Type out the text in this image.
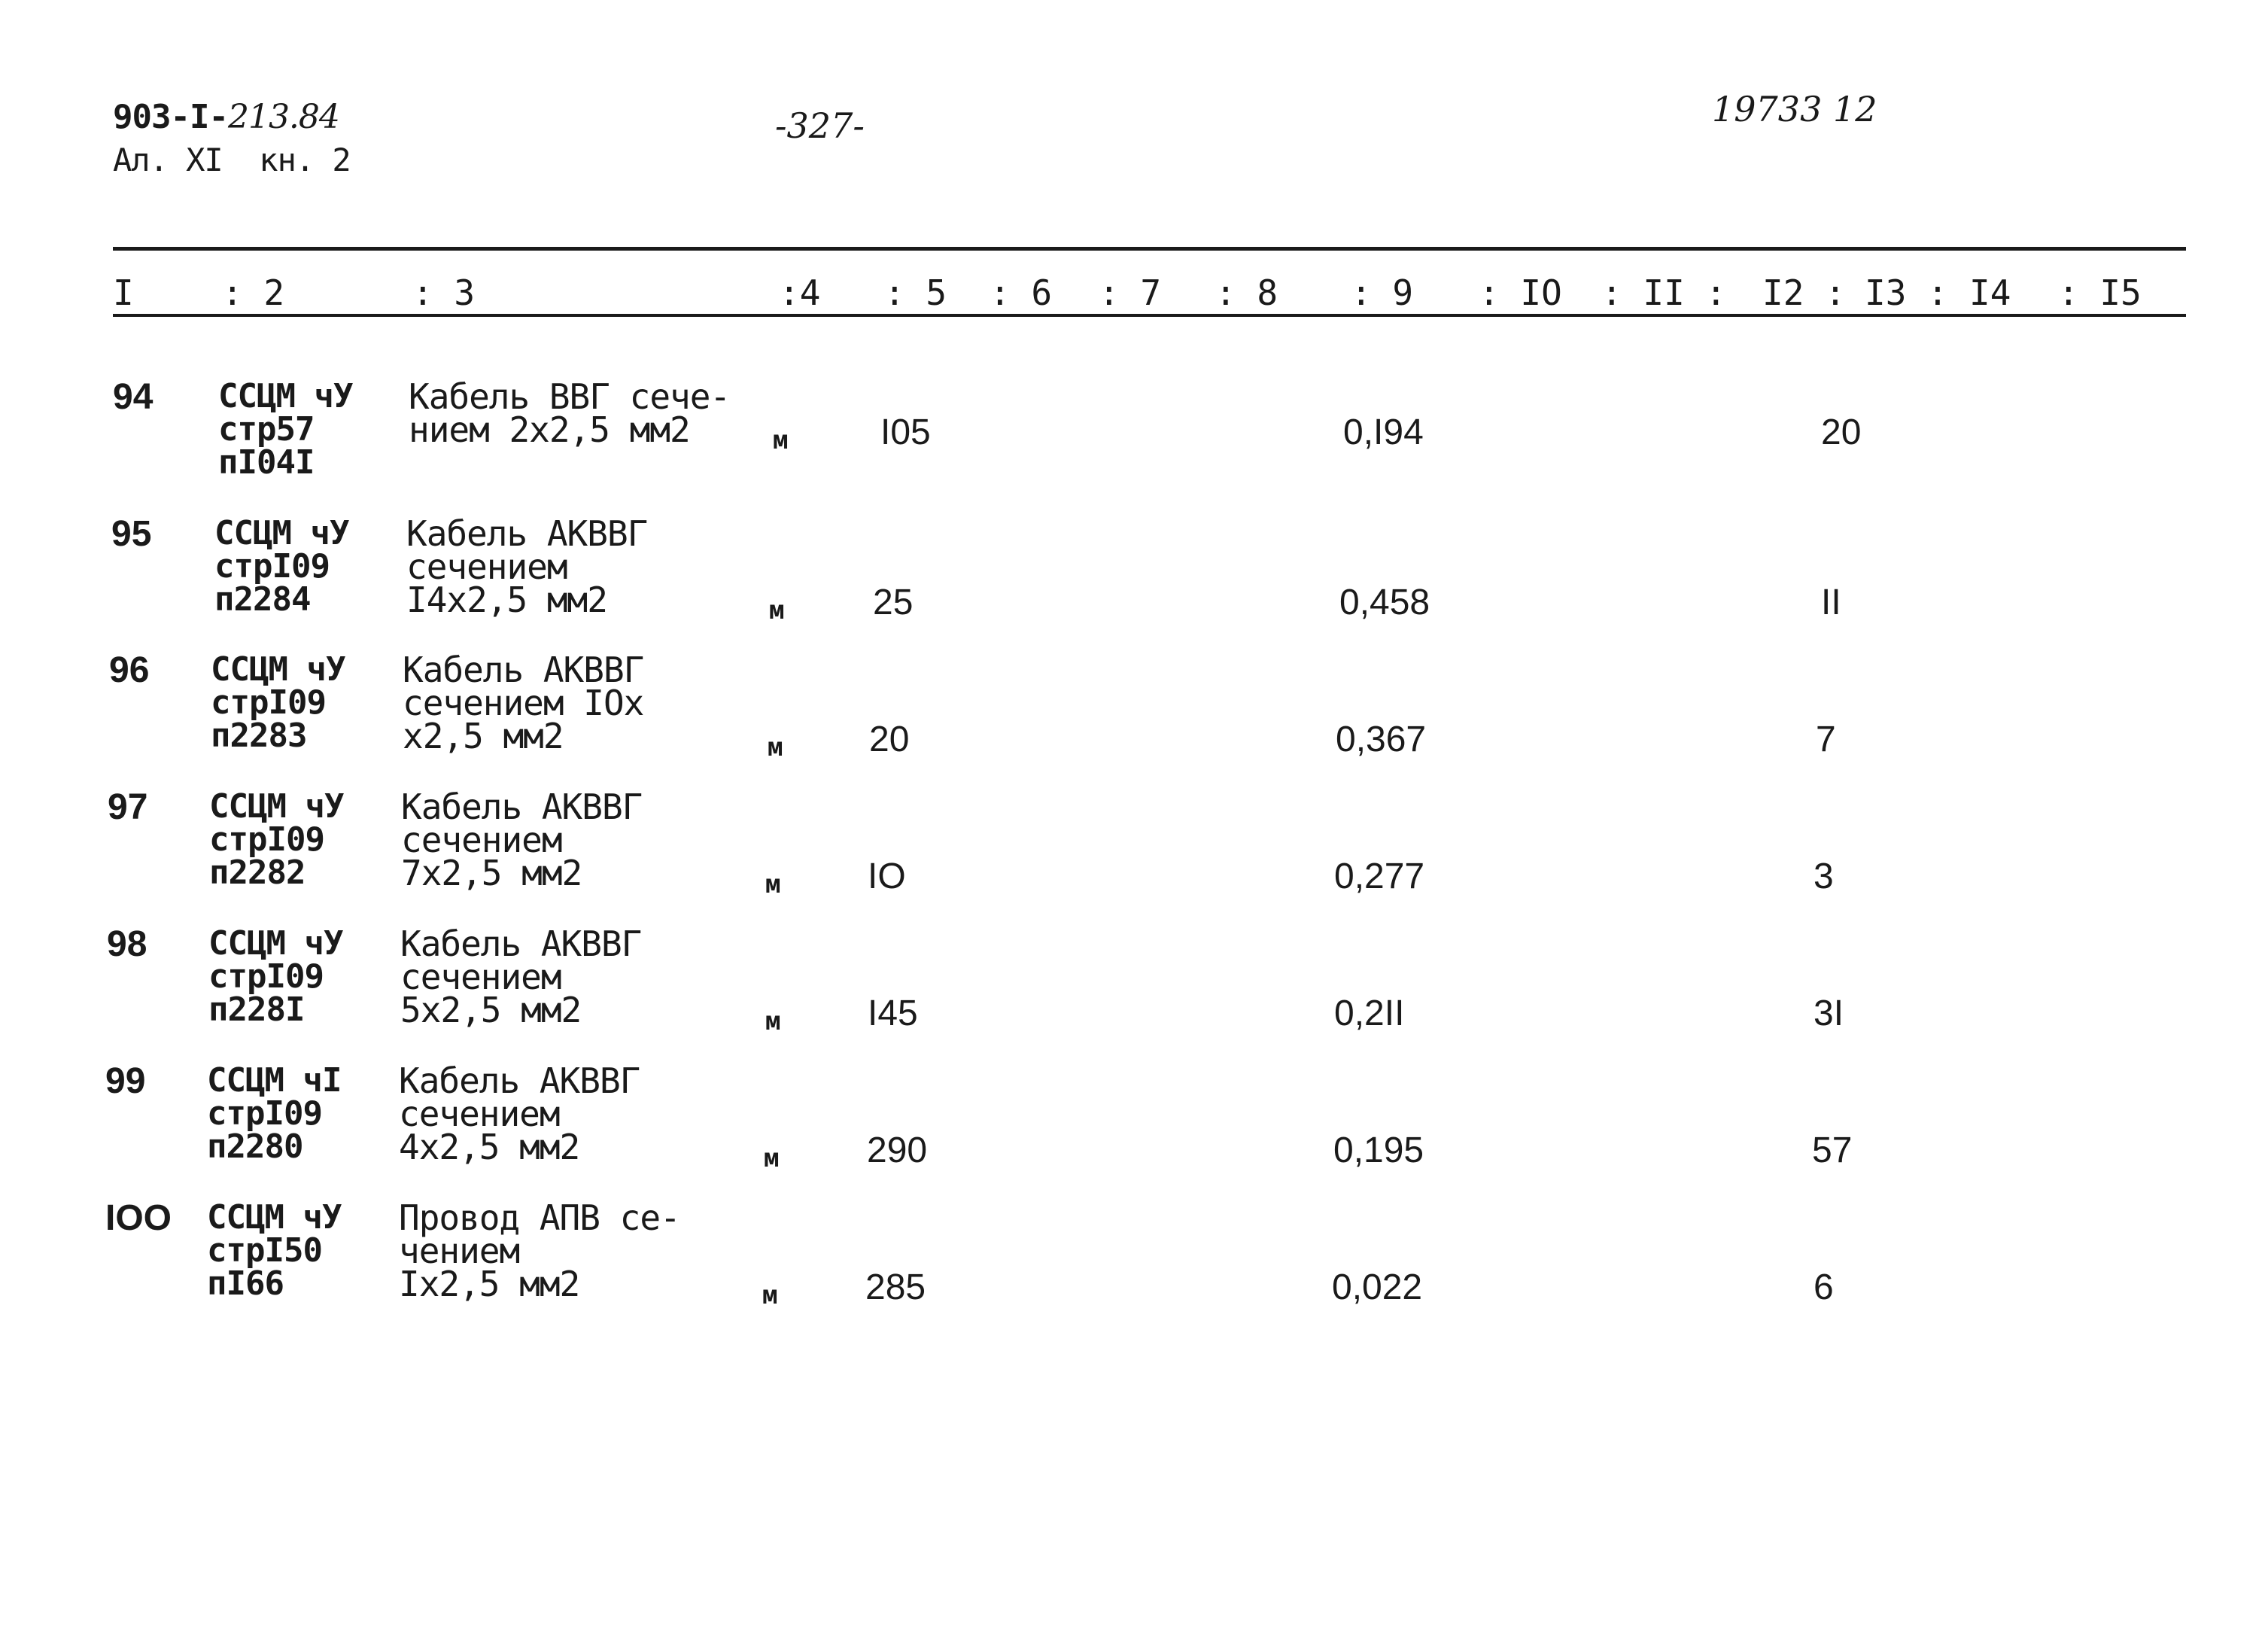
903-I-213.84
Ал. XI  кн. 2
-327-	19733 12
I	: 2	: 3	:4 : 5 : 6 : 7 : 8 : 9 : IO : II : I2 : I3 : I4 : I5
94 ССЦМ чУ
стр57
пI04I
Кабель ВВГ сече-
нием 2х2,5 мм2	м	I05	0,I94	20
95 ССЦМ чУ
стрI09
п2284
Кабель АКВВГ
сечением
I4х2,5 мм2	м 25	0,458	II
96 ССЦМ чУ
стрI09
п2283
Кабель АКВВГ
сечением IOх
х2,5 мм2	м 20	0,367	7
97 ССЦМ чУ
стрI09
п2282
Кабель АКВВГ
сечением
7х2,5 мм2	м IO	0,277	3
98 ССЦМ чУ
стрI09
п228I
Кабель АКВВГ
сечением
5х2,5 мм2	м I45	0,2II	3I
99 ССЦМ чI
стрI09
п2280
Кабель АКВВГ
сечением
4х2,5 мм2	м 290	0,195	57
IOO ССЦМ чУ
стрI50
пI66
Провод АПВ се-
чением
Iх2,5 мм2	м 285	0,022	6
